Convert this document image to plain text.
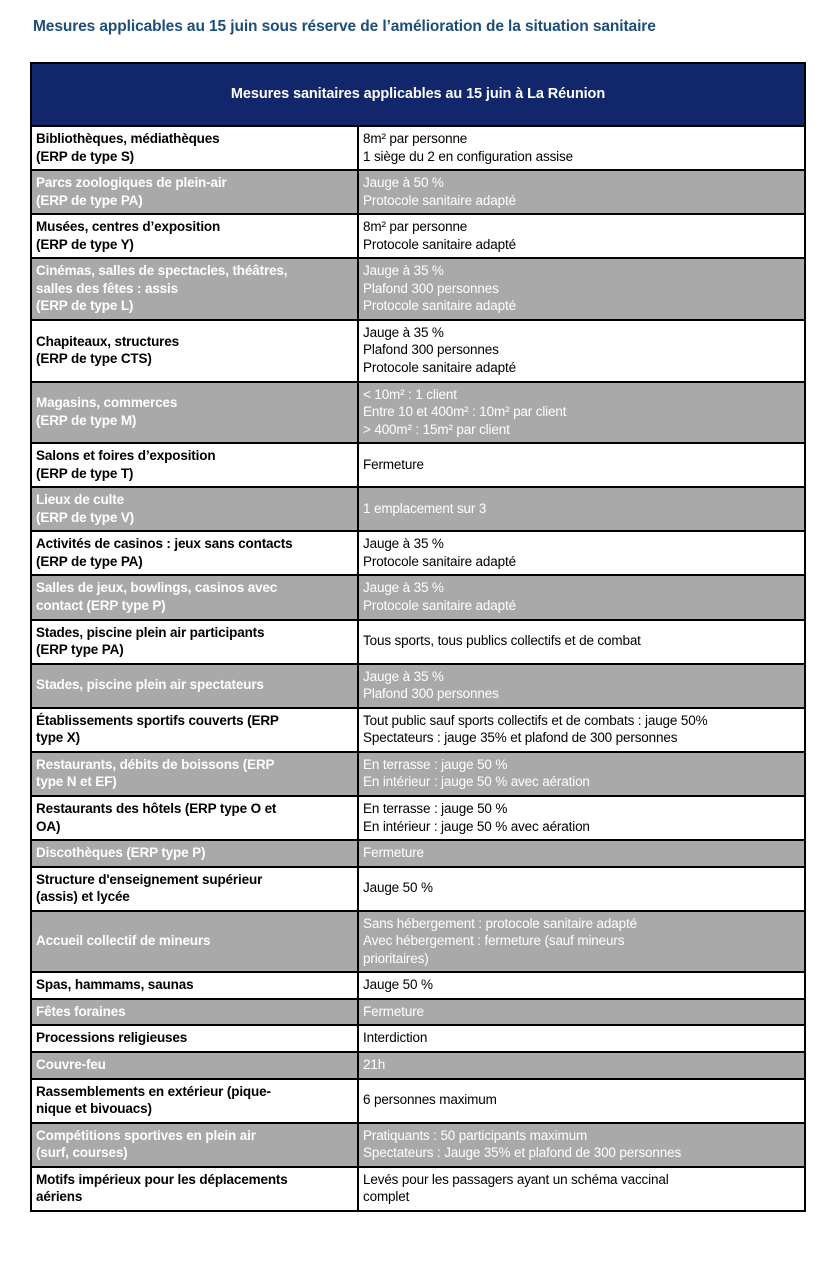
Mesures applicables au 15 juin sous réserve de l’amélioration de la situation sanitaire
Mesures sanitaires applicables au 15 juin à La Réunion	

Bibliothèques, médiathèques
(ERP de type S)	8m² par personne
1 siège du 2 en configuration assise

Parcs zoologiques de plein-air
(ERP de type PA)	Jauge à 50 %
Protocole sanitaire adapté

Musées, centres d’exposition
(ERP de type Y)	8m² par personne
Protocole sanitaire adapté

Cinémas, salles de spectacles, théâtres,
salles des fêtes : assis
(ERP de type L)	Jauge à 35 %
Plafond 300 personnes
Protocole sanitaire adapté

Chapiteaux, structures
(ERP de type CTS)	Jauge à 35 %
Plafond 300 personnes
Protocole sanitaire adapté

Magasins, commerces
(ERP de type M)	< 10m² : 1 client
Entre 10 et 400m² : 10m² par client
> 400m² : 15m² par client

Salons et foires d’exposition
(ERP de type T)	Fermeture

Lieux de culte
(ERP de type V)	1 emplacement sur 3

Activités de casinos : jeux sans contacts
(ERP de type PA)	Jauge à 35 %
Protocole sanitaire adapté

Salles de jeux, bowlings, casinos avec
contact (ERP type P)	Jauge à 35 %
Protocole sanitaire adapté

Stades, piscine plein air participants
(ERP type PA)	Tous sports, tous publics collectifs et de combat

Stades, piscine plein air spectateurs	Jauge à 35 %
Plafond 300 personnes

Établissements sportifs couverts (ERP
type X)	Tout public sauf sports collectifs et de combats : jauge 50%
Spectateurs : jauge 35% et plafond de 300 personnes

Restaurants, débits de boissons (ERP
type N et EF)	En terrasse : jauge 50 %
En intérieur : jauge 50 % avec aération

Restaurants des hôtels (ERP type O et
OA)	En terrasse : jauge 50 %
En intérieur : jauge 50 % avec aération

Discothèques (ERP type P)	Fermeture

Structure d'enseignement supérieur
(assis) et lycée	Jauge 50 %

Accueil collectif de mineurs	Sans hébergement : protocole sanitaire adapté
Avec hébergement : fermeture (sauf mineurs
prioritaires)

Spas, hammams, saunas	Jauge 50 %

Fêtes foraines	Fermeture

Processions religieuses	Interdiction

Couvre-feu	21h

Rassemblements en extérieur (pique-
nique et bivouacs)	6 personnes maximum

Compétitions sportives en plein air
(surf, courses)	Pratiquants : 50 participants maximum
Spectateurs : Jauge 35% et plafond de 300 personnes

Motifs impérieux pour les déplacements
aériens	Levés pour les passagers ayant un schéma vaccinal
complet
